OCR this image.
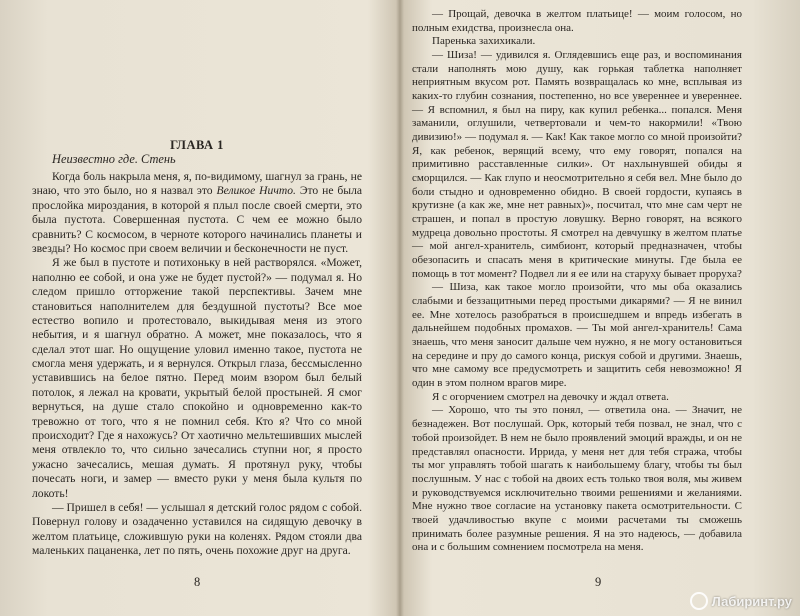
ГЛАВА 1
Неизвестно где. Стень

Когда боль накрыла меня, я, по-видимому, шагнул за грань, не знаю, что это было, но я назвал это Великое Ничто. Это не была прослойка мироздания, в которой я плыл после своей смерти, это была пустота. Совершенная пустота. С чем ее можно было сравнить? С космосом, в черноте которого начинались планеты и звезды? Но космос при своем величии и бесконечности не пуст.

Я же был в пустоте и потихоньку в ней растворялся. «Может, наполню ее собой, и она уже не будет пустой?» — подумал я. Но следом пришло отторжение такой перспективы. Зачем мне становиться наполнителем для бездушной пустоты? Все мое естество вопило и протестовало, выкидывая меня из этого небытия, и я шагнул обратно. А может, мне показалось, что я сделал этот шаг. Но ощущение уловил именно такое, пустота не смогла меня удержать, и я вернулся. Открыл глаза, бессмысленно уставившись на белое пятно. Перед моим взором был белый потолок, я лежал на кровати, укрытый белой простыней. Я смог вернуться, на душе стало спокойно и одновременно как-то тревожно от того, что я не помнил себя. Кто я? Что со мной происходит? Где я нахожусь? От хаотично мельтешивших мыслей меня отвлекло то, что сильно зачесались ступни ног, я просто ужасно зачесались, мешая думать. Я протянул руку, чтобы почесать ноги, и замер — вместо руки у меня была культя по локоть!

— Пришел в себя! — услышал я детский голос рядом с собой. Повернул голову и озадаченно уставился на сидящую девочку в желтом платьице, сложившую руки на коленях. Рядом стояли два маленьких пацаненка, лет по пять, очень похожие друг на друга.

8

— Прощай, девочка в желтом платьице! — моим голосом, но полным ехидства, произнесла она.

Паренька захихикали.

— Шиза! — удивился я. Оглядевшись еще раз, и воспоминания стали наполнять мою душу, как горькая таблетка наполняет неприятным вкусом рот. Память возвращалась ко мне, всплывая из каких-то глубин сознания, постепенно, но все увереннее и увереннее. — Я вспомнил, я был на пиру, как купил ребенка... попался. Меня заманили, оглушили, четвертовали и чем-то накормили! «Твою дивизию!» — подумал я. — Как! Как такое могло со мной произойти? Я, как ребенок, верящий всему, что ему говорят, попался на примитивно расставленные силки». От нахлынувшей обиды я сморщился. — Как глупо и неосмотрительно я себя вел. Мне было до боли стыдно и одновременно обидно. В своей гордости, купаясь в крутизне (а как же, мне нет равных)», посчитал, что мне сам черт не страшен, и попал в простую ловушку. Верно говорят, на всякого мудреца довольно простоты. Я смотрел на девчушку в желтом платье — мой ангел-хранитель, симбионт, который предназначен, чтобы обезопасить и спасать меня в критические минуты. Где была ее помощь в тот момент? Подвел ли я ее или на старуху бывает проруха?

— Шиза, как такое могло произойти, что мы оба оказались слабыми и беззащитными перед простыми дикарями? — Я не винил ее. Мне хотелось разобраться в происшедшем и впредь избегать в дальнейшем подобных промахов. — Ты мой ангел-хранитель! Сама знаешь, что меня заносит дальше чем нужно, я не могу остановиться на середине и пру до самого конца, рискуя собой и другими. Знаешь, что мне самому все предусмотреть и защитить себя невозможно! Я один в этом полном врагов мире.

Я с огорчением смотрел на девочку и ждал ответа.

— Хорошо, что ты это понял, — ответила она. — Значит, не безнадежен. Вот послушай. Орк, который тебя позвал, не знал, что с тобой произойдет. В нем не было проявлений эмоций вражды, и он не представлял опасности. Иррида, у меня нет для тебя стража, чтобы ты мог управлять тобой шагать к наибольшему благу, чтобы ты был послушным. У нас с тобой на двоих есть только твоя воля, мы живем и руководствуемся исключительно твоими решениями и желаниями. Мне нужно твое согласие на установку пакета осмотрительности. С твоей удачливостью вкупе с моими расчетами ты сможешь принимать более разумные решения. Я на это надеюсь, — добавила она и с большим сомнением посмотрела на меня.

9
Лабиринт.ру
